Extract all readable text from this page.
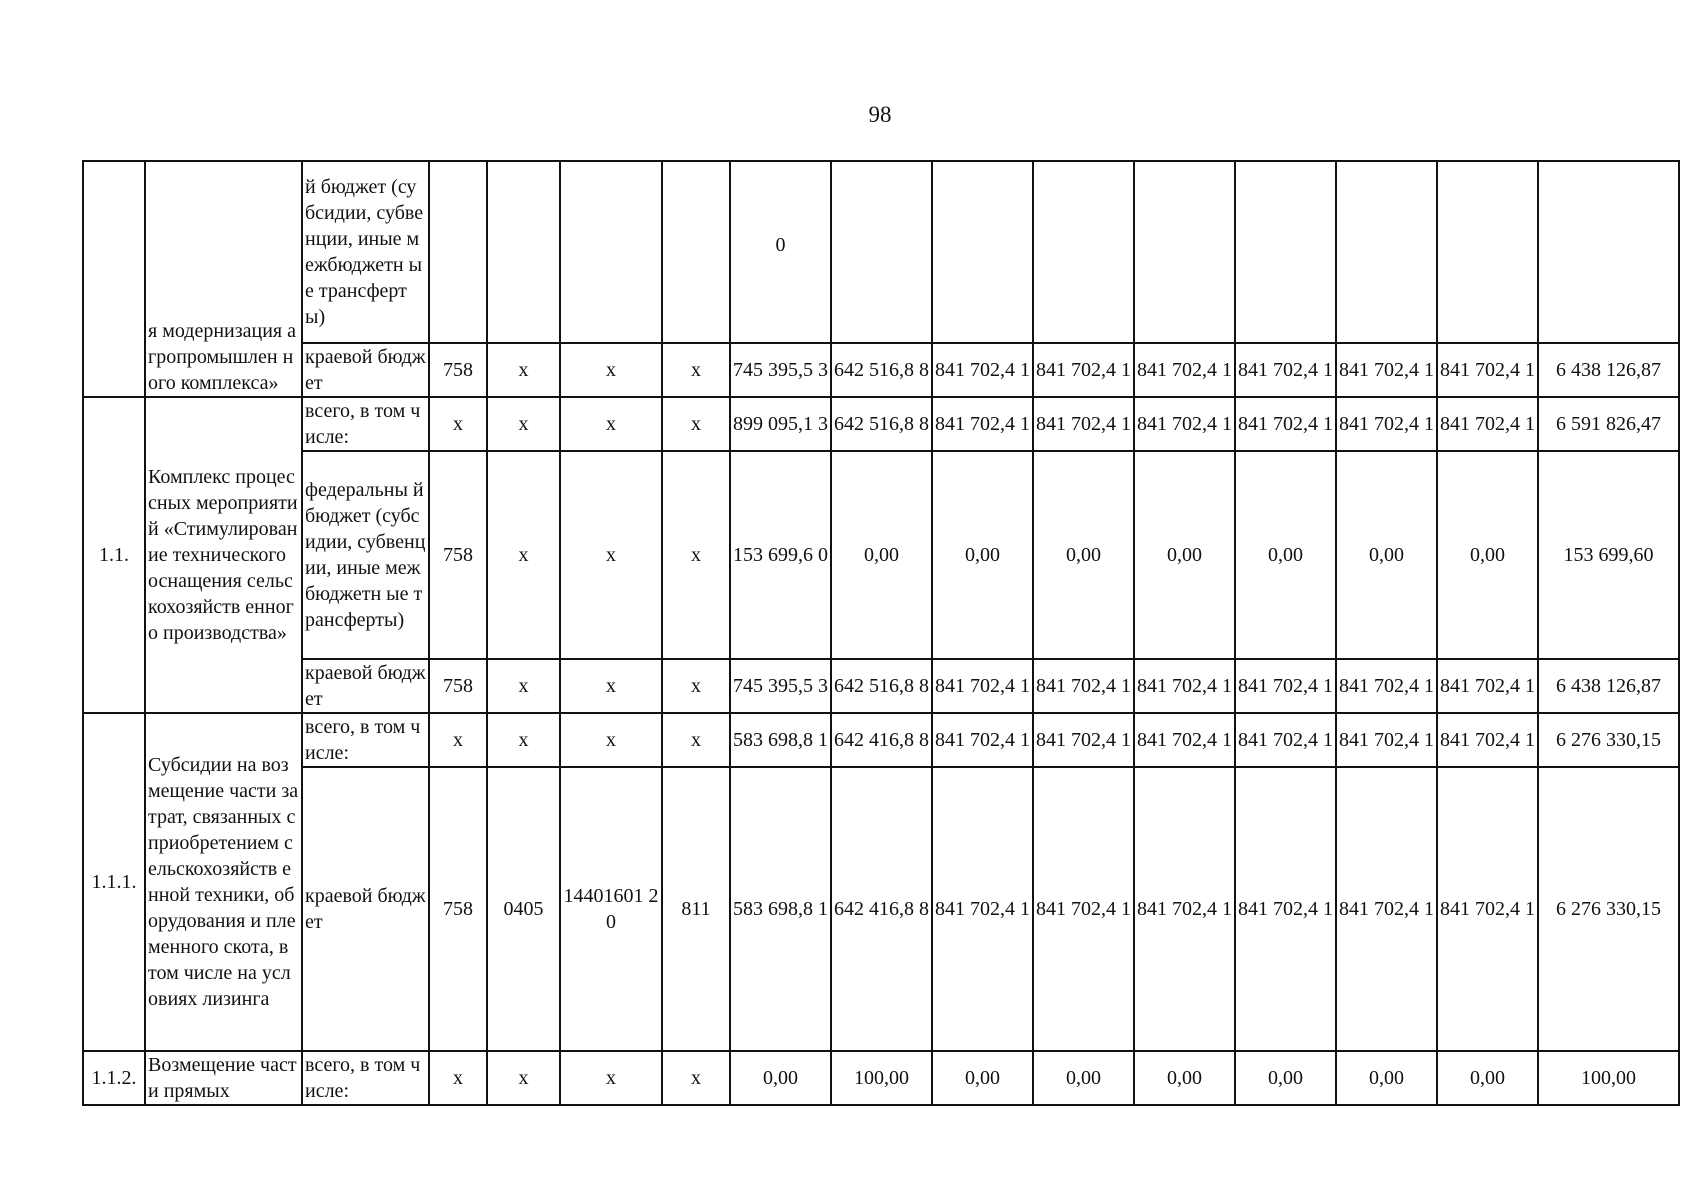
98
	я модернизация агропромышлен ного комплекса»	й бюджет (субсидии, субвенции, иные межбюджетн ые трансферты)					0								
		краевой бюджет	758	x	x	x	745 395,5 3	642 516,8 8	841 702,4 1	841 702,4 1	841 702,4 1	841 702,4 1	841 702,4 1	841 702,4 1	6 438 126,87
1.1.	Комплекс процессных мероприятий «Стимулирован ие технического оснащения сельскохозяйств енного производства»	всего, в том числе:	x	x	x	x	899 095,1 3	642 516,8 8	841 702,4 1	841 702,4 1	841 702,4 1	841 702,4 1	841 702,4 1	841 702,4 1	6 591 826,47
		федеральны й бюджет (субсидии, субвенции, иные межбюджетн ые трансферты)	758	x	x	x	153 699,6 0	0,00	0,00	0,00	0,00	0,00	0,00	0,00	153 699,60
		краевой бюджет	758	x	x	x	745 395,5 3	642 516,8 8	841 702,4 1	841 702,4 1	841 702,4 1	841 702,4 1	841 702,4 1	841 702,4 1	6 438 126,87
1.1.1.	Субсидии на возмещение части затрат, связанных с приобретением сельскохозяйств енной техники, оборудования и племенного скота, в том числе на условиях лизинга	всего, в том числе:	x	x	x	x	583 698,8 1	642 416,8 8	841 702,4 1	841 702,4 1	841 702,4 1	841 702,4 1	841 702,4 1	841 702,4 1	6 276 330,15
		краевой бюджет	758	0405	14401601 20	811	583 698,8 1	642 416,8 8	841 702,4 1	841 702,4 1	841 702,4 1	841 702,4 1	841 702,4 1	841 702,4 1	6 276 330,15
1.1.2.	Возмещение части прямых	всего, в том числе:	x	x	x	x	0,00	100,00	0,00	0,00	0,00	0,00	0,00	0,00	100,00
